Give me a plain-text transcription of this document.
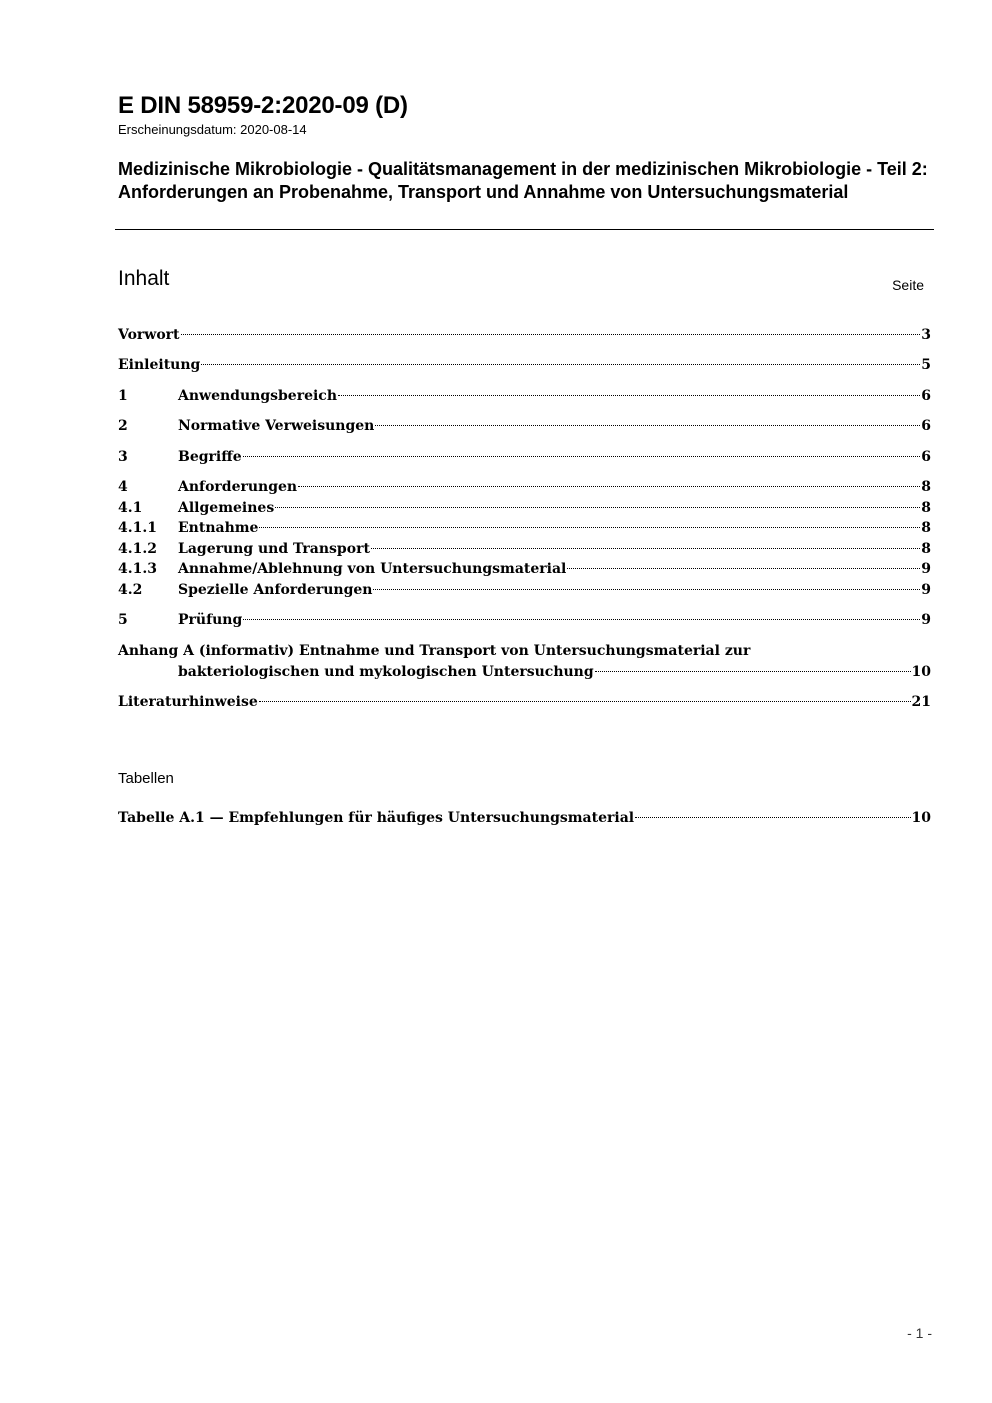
E DIN 58959-2:2020-09 (D)
Erscheinungsdatum: 2020-08-14
Medizinische Mikrobiologie - Qualitätsmanagement in der medizinischen Mikrobiologie - Teil 2: Anforderungen an Probenahme, Transport und Annahme von Untersuchungsmaterial
Inhalt	Seite
Vorwort	3
Einleitung	5
1	Anwendungsbereich	6
2	Normative Verweisungen	6
3	Begriffe	6
4	Anforderungen	8
4.1	Allgemeines	8
4.1.1	Entnahme	8
4.1.2	Lagerung und Transport	8
4.1.3	Annahme/Ablehnung von Untersuchungsmaterial	9
4.2	Spezielle Anforderungen	9
5	Prüfung	9
Anhang A (informativ) Entnahme und Transport von Untersuchungsmaterial zur
bakteriologischen und mykologischen Untersuchung	10
Literaturhinweise	21
Tabellen
Tabelle A.1 — Empfehlungen für häufiges Untersuchungsmaterial	10
- 1 -
